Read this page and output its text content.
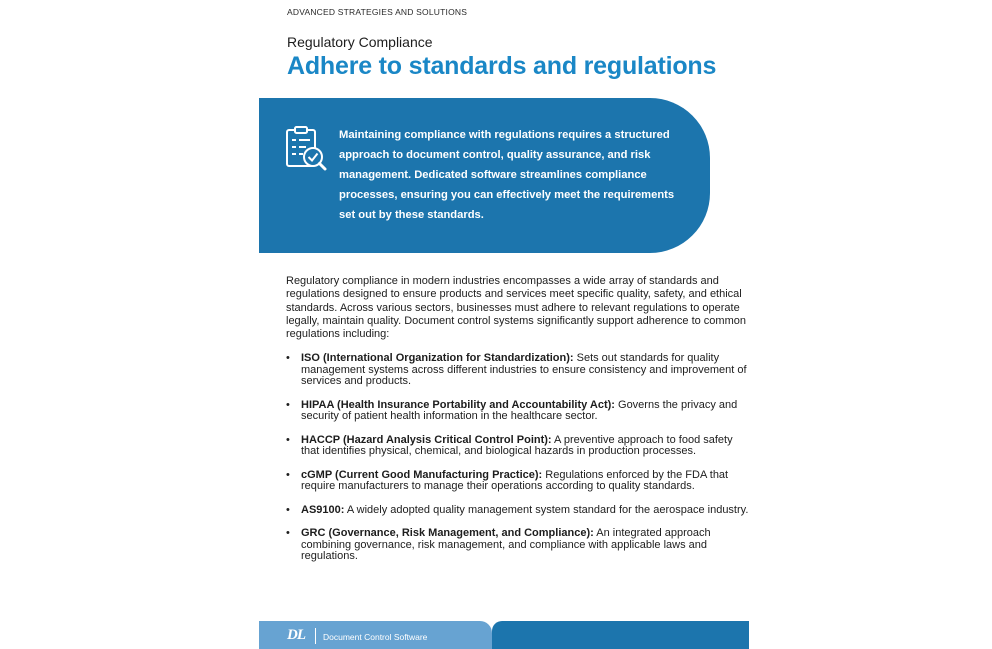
ADVANCED STRATEGIES AND SOLUTIONS
Regulatory Compliance
Adhere to standards and regulations
Maintaining compliance with regulations requires a structured approach to document control, quality assurance, and risk management. Dedicated software streamlines compliance processes, ensuring you can effectively meet the requirements set out by these standards.
Regulatory compliance in modern industries encompasses a wide array of standards and regulations designed to ensure products and services meet specific quality, safety, and ethical standards. Across various sectors, businesses must adhere to relevant regulations to operate legally, maintain quality. Document control systems significantly support adherence to common regulations including:
• ISO (International Organization for Standardization): Sets out standards for quality management systems across different industries to ensure consistency and improvement of services and products.
• HIPAA (Health Insurance Portability and Accountability Act): Governs the privacy and security of patient health information in the healthcare sector.
• HACCP (Hazard Analysis Critical Control Point): A preventive approach to food safety that identifies physical, chemical, and biological hazards in production processes.
• cGMP (Current Good Manufacturing Practice): Regulations enforced by the FDA that require manufacturers to manage their operations according to quality standards.
• AS9100: A widely adopted quality management system standard for the aerospace industry.
• GRC (Governance, Risk Management, and Compliance): An integrated approach combining governance, risk management, and compliance with applicable laws and regulations.
DL Document Control Software
